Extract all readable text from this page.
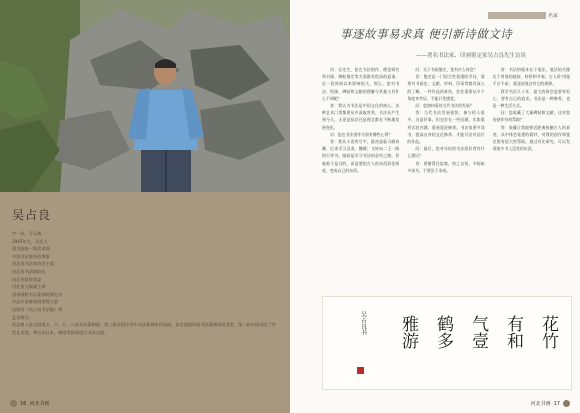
吴占良
字一民，号石斋
1947年生，河北人
现为国家一级美术师
中国书法家协会理事
河北省书法家协会主席
河北省书法院院长
河北省政协常委
河北省文联副主席
国家画院书法篆刻院研究员
作品多次参加国家级大展
出版有《吴占良书法集》等
艺术简历：
作品曾入选全国第五、六、七、八届书法篆刻展，第三届全国中青年书法篆刻家作品展，获全国第四届书法篆刻展优秀奖，第二届中国书法兰亭奖艺术奖。曾出访日本、韩国等国家进行书法交流。
16 河北书画
名家
事逐故事易求真 便引新诗做文诗
——著名书法家、印画鉴定家吴占良先生访谈

问：吴先生，您在书法创作、理论研究和书画、碑帖鉴定等方面都有很深的造诣，近一段时间以来影响很大，那么，您对书法、绘画、碑帖和文献的理解与其他人有什么不同呢？

答：我认为书法是中国文化的核心，各种艺术门类都要从中汲取营养。书法从产生到今天，无论是技法还是理念都在不断地发展变化。

问：您在书法创作方面有哪些心得？

答：我从小喜欢写字，最初是临习颜真卿，后来学习汉隶、魏碑，又转向二王一路的行草书。临帖是学习书法的必经之路，但临帖不是目的，而是要把古人的东西消化吸收，变成自己的东西。

问：关于书画鉴定，您有什么体会？

答：鉴定是一门综合性很强的学问，需要对书画史、文献、材料、印章等都有深入的了解。一件作品的真伪，往往需要从多个角度来考证，不能只凭感觉。

问：您如何看待当代书法的发展？

答：当代书法发展很快，参与的人很多，这是好事。但也存在一些问题，比如重形式轻内涵，重展览轻修养。书法家要多读书，提高自身的文化修养，才能写出有品位的作品。

问：最后，您对年轻的书法爱好者有什么建议？

答：要耐得住寂寞，持之以恒，多临帖多读书，不要急于求成。

答：书法的根本在于笔法，笔法的关键在于用笔的提按、转折和节奏。古人讲'用笔千古不易'，就是说笔法有它的规律。

我学书法几十年，最大的体会是要有恒心，要有自己的追求。书法是一种修养，也是一种生活方式。

问：您收藏了大量碑帖和文献，这对您的创作有何帮助？

答：收藏让我能够近距离接触古人的真迹，从中体会笔墨的精妙，对我的创作和鉴定都有很大的帮助。通过对比研究，可以发现很多书上没有的东西。

花竹
有和
气壹
鹤多
雅游
吴占良书
河北书画 17
